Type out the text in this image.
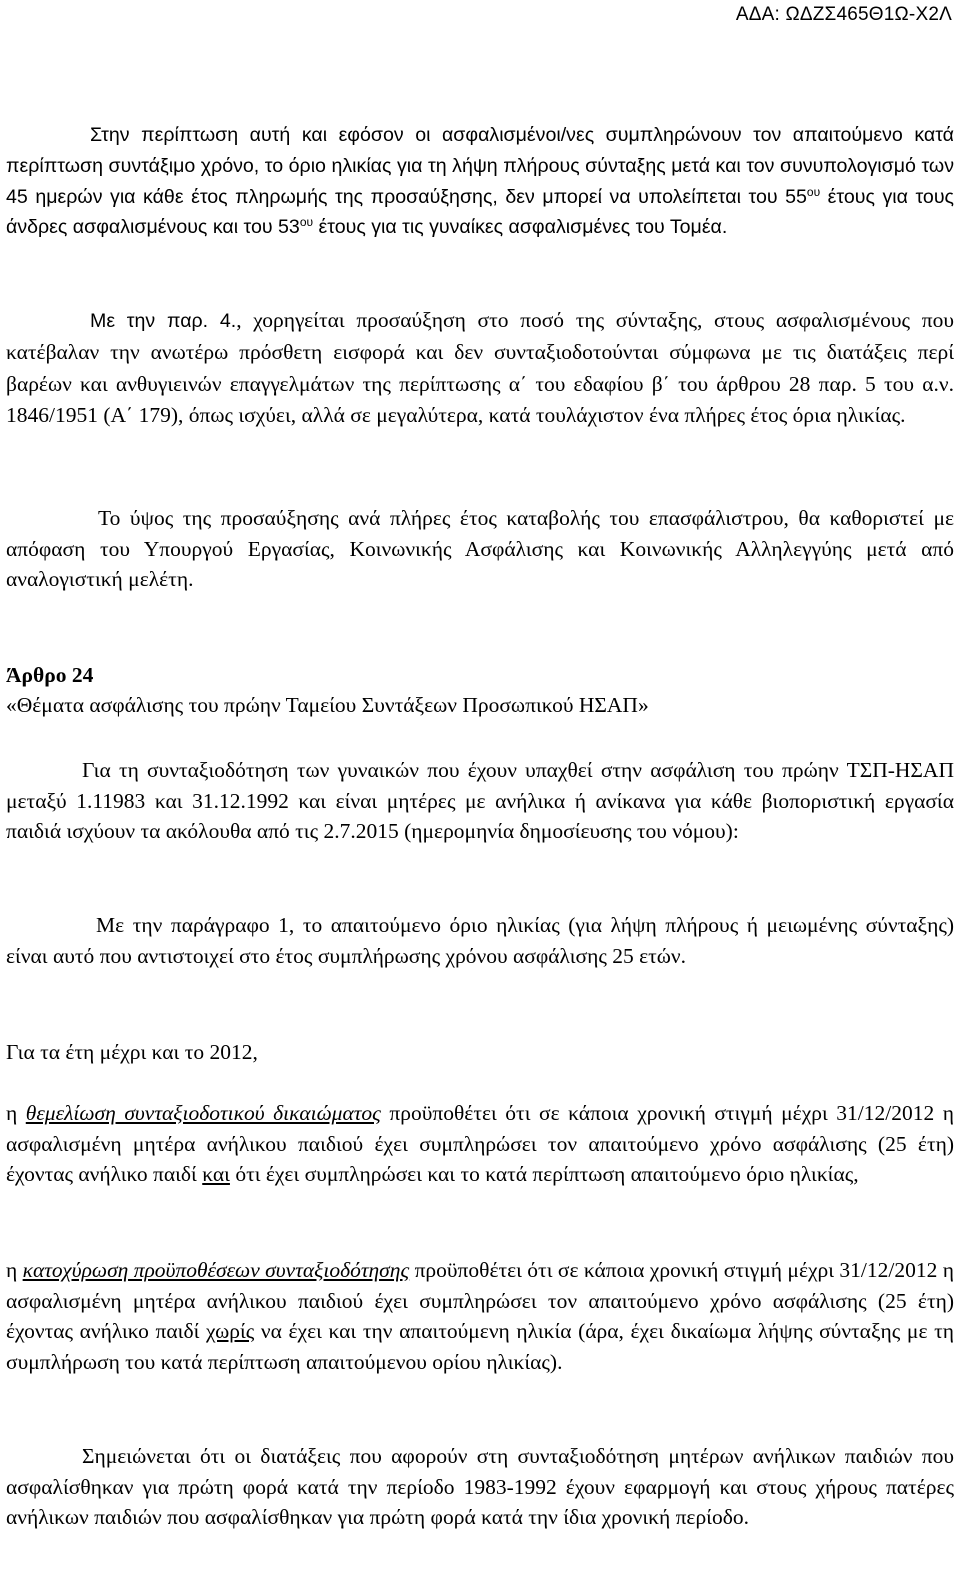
ΑΔΑ: ΩΔΖΣ465Θ1Ω-Χ2Λ

Στην περίπτωση αυτή και εφόσον οι ασφαλισμένοι/νες συμπληρώνουν τον απαιτούμενο κατά περίπτωση συντάξιμο χρόνο, το όριο ηλικίας για τη λήψη πλήρους σύνταξης μετά και τον συνυπολογισμό των 45 ημερών για κάθε έτος πληρωμής της προσαύξησης, δεν μπορεί να υπολείπεται του $55^{o\upsilon}$ έτους για τους άνδρες ασφαλισμένους και του $53^{o\upsilon}$ έτους για τις γυναίκες ασφαλισμένες του Τομέα.

Με την παρ. 4., χορηγείται προσαύξηση στο ποσό της σύνταξης, στους ασφαλισμένους που κατέβαλαν την ανωτέρω πρόσθετη εισφορά και δεν συνταξιοδοτούνται σύμφωνα με τις διατάξεις περί βαρέων και ανθυγιεινών επαγγελμάτων της περίπτωσης α΄ του εδαφίου β΄ του άρθρου 28 παρ. 5 του α.ν. 1846/1951 (Α΄ 179), όπως ισχύει, αλλά σε μεγαλύτερα, κατά τουλάχιστον ένα πλήρες έτος όρια ηλικίας.

Το ύψος της προσαύξησης ανά πλήρες έτος καταβολής του επασφάλιστρου, θα καθοριστεί με απόφαση του Υπουργού Εργασίας, Κοινωνικής Ασφάλισης και Κοινωνικής Αλληλεγγύης μετά από αναλογιστική μελέτη.

Άρθρο 24
«Θέματα ασφάλισης του πρώην Ταμείου Συντάξεων Προσωπικού ΗΣΑΠ»

Για τη συνταξιοδότηση των γυναικών που έχουν υπαχθεί στην ασφάλιση του πρώην ΤΣΠ-ΗΣΑΠ μεταξύ 1.11983 και 31.12.1992 και είναι μητέρες με ανήλικα ή ανίκανα για κάθε βιοποριστική εργασία παιδιά ισχύουν τα ακόλουθα από τις 2.7.2015 (ημερομηνία δημοσίευσης του νόμου):

Με την παράγραφο 1, το απαιτούμενο όριο ηλικίας (για λήψη πλήρους ή μειωμένης σύνταξης) είναι αυτό που αντιστοιχεί στο έτος συμπλήρωσης χρόνου ασφάλισης 25 ετών.

Για τα έτη μέχρι και το 2012,

η θεμελίωση συνταξιοδοτικού δικαιώματος προϋποθέτει ότι σε κάποια χρονική στιγμή μέχρι 31/12/2012 η ασφαλισμένη μητέρα ανήλικου παιδιού έχει συμπληρώσει τον απαιτούμενο χρόνο ασφάλισης (25 έτη) έχοντας ανήλικο παιδί και ότι έχει συμπληρώσει και το κατά περίπτωση απαιτούμενο όριο ηλικίας,

η κατοχύρωση προϋποθέσεων συνταξιοδότησης προϋποθέτει ότι σε κάποια χρονική στιγμή μέχρι 31/12/2012 η ασφαλισμένη μητέρα ανήλικου παιδιού έχει συμπληρώσει τον απαιτούμενο χρόνο ασφάλισης (25 έτη) έχοντας ανήλικο παιδί χωρίς να έχει και την απαιτούμενη ηλικία (άρα, έχει δικαίωμα λήψης σύνταξης με τη συμπλήρωση του κατά περίπτωση απαιτούμενου ορίου ηλικίας).

Σημειώνεται ότι οι διατάξεις που αφορούν στη συνταξιοδότηση μητέρων ανήλικων παιδιών που ασφαλίσθηκαν για πρώτη φορά κατά την περίοδο 1983-1992 έχουν εφαρμογή και στους χήρους πατέρες ανήλικων παιδιών που ασφαλίσθηκαν για πρώτη φορά κατά την ίδια χρονική περίοδο.
